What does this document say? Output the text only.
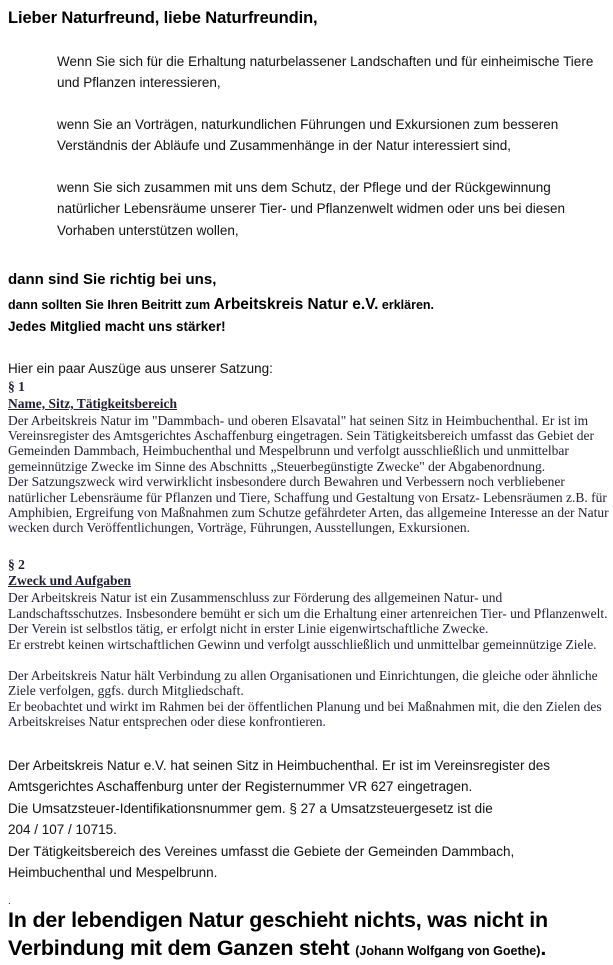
Lieber Naturfreund, liebe Naturfreundin,

Wenn Sie sich für die Erhaltung naturbelassener Landschaften und für einheimische Tiere und Pflanzen interessieren,

wenn Sie an Vorträgen, naturkundlichen Führungen und Exkursionen zum besseren Verständnis der Abläufe und Zusammenhänge in der Natur interessiert sind,

wenn Sie sich zusammen mit uns dem Schutz, der Pflege und der Rückgewinnung natürlicher Lebensräume unserer Tier- und Pflanzenwelt widmen oder uns bei diesen Vorhaben unterstützen wollen,

dann sind Sie richtig bei uns,

dann sollten Sie Ihren Beitritt zum Arbeitskreis Natur e.V. erklären.

Jedes Mitglied macht uns stärker!

Hier ein paar Auszüge aus unserer Satzung:

§ 1

Name, Sitz, Tätigkeitsbereich

Der Arbeitskreis Natur im "Dammbach- und oberen Elsavatal" hat seinen Sitz in Heimbuchenthal. Er ist im
Vereinsregister des Amtsgerichtes Aschaffenburg eingetragen. Sein Tätigkeitsbereich umfasst das Gebiet der
Gemeinden Dammbach, Heimbuchenthal und Mespelbrunn und verfolgt ausschließlich und unmittelbar
gemeinnützige Zwecke im Sinne des Abschnitts „Steuerbegünstigte Zwecke" der Abgabenordnung.
Der Satzungszweck wird verwirklicht insbesondere durch Bewahren und Verbessern noch verbliebener
natürlicher Lebensräume für Pflanzen und Tiere, Schaffung und Gestaltung von Ersatz- Lebensräumen z.B. für
Amphibien, Ergreifung von Maßnahmen zum Schutze gefährdeter Arten, das allgemeine Interesse an der Natur
wecken durch Veröffentlichungen, Vorträge, Führungen, Ausstellungen, Exkursionen.

§ 2

Zweck und Aufgaben

Der Arbeitskreis Natur ist ein Zusammenschluss zur Förderung des allgemeinen Natur- und
Landschaftsschutzes. Insbesondere bemüht er sich um die Erhaltung einer artenreichen Tier- und Pflanzenwelt.
Der Verein ist selbstlos tätig, er erfolgt nicht in erster Linie eigenwirtschaftliche Zwecke.
Er erstrebt keinen wirtschaftlichen Gewinn und verfolgt ausschließlich und unmittelbar gemeinnützige Ziele.
Der Arbeitskreis Natur hält Verbindung zu allen Organisationen und Einrichtungen, die gleiche oder ähnliche
Ziele verfolgen, ggfs. durch Mitgliedschaft.
Er beobachtet und wirkt im Rahmen bei der öffentlichen Planung und bei Maßnahmen mit, die den Zielen des
Arbeitskreises Natur entsprechen oder diese konfrontieren.
Der Arbeitskreis Natur e.V. hat seinen Sitz in Heimbuchenthal. Er ist im Vereinsregister des
Amtsgerichtes Aschaffenburg unter der Registernummer VR 627 eingetragen.
Die Umsatzsteuer-Identifikationsnummer gem. § 27 a Umsatzsteuergesetz ist die
204 / 107 / 10715.
Der Tätigkeitsbereich des Vereines umfasst die Gebiete der Gemeinden Dammbach,
Heimbuchenthal und Mespelbrunn.

In der lebendigen Natur geschieht nichts, was nicht in Verbindung mit dem Ganzen steht (Johann Wolfgang von Goethe).

.
